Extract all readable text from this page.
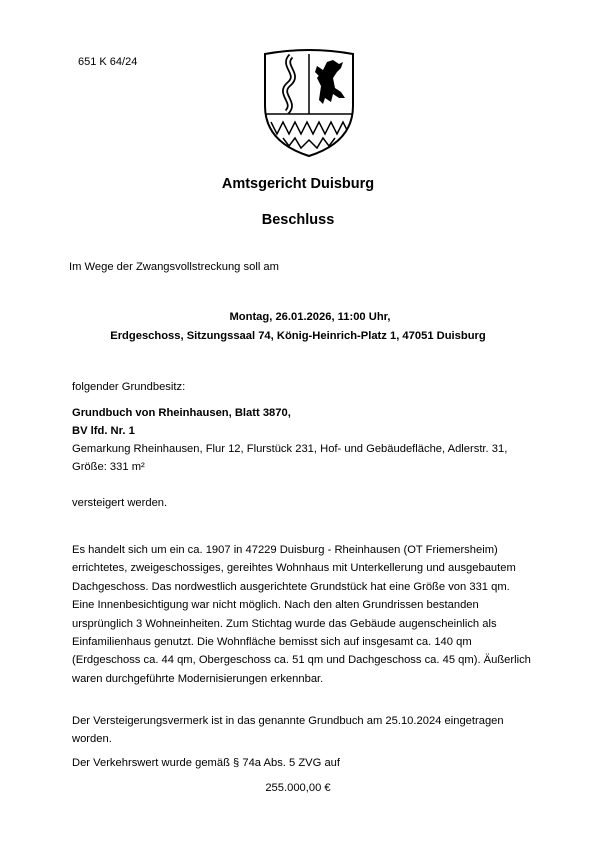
651 K 64/24
Amtsgericht Duisburg
Beschluss
Im Wege der Zwangsvollstreckung soll am
Montag, 26.01.2026, 11:00 Uhr,
Erdgeschoss, Sitzungssaal 74, König-Heinrich-Platz 1, 47051 Duisburg
folgender Grundbesitz:
Grundbuch von Rheinhausen, Blatt 3870,
BV lfd. Nr. 1
Gemarkung Rheinhausen, Flur 12, Flurstück 231, Hof- und Gebäudefläche, Adlerstr. 31, Größe: 331 m²
versteigert werden.
Es handelt sich um ein ca. 1907 in 47229 Duisburg - Rheinhausen (OT Friemersheim) errichtetes, zweigeschossiges, gereihtes Wohnhaus mit Unterkellerung und ausgebautem Dachgeschoss. Das nordwestlich ausgerichtete Grundstück hat eine Größe von 331 qm. Eine Innenbesichtigung war nicht möglich. Nach den alten Grundrissen bestanden ursprünglich 3 Wohneinheiten. Zum Stichtag wurde das Gebäude augenscheinlich als Einfamilienhaus genutzt. Die Wohnfläche bemisst sich auf insgesamt ca. 140 qm (Erdgeschoss ca. 44 qm, Obergeschoss ca. 51 qm und Dachgeschoss ca. 45 qm). Äußerlich waren durchgeführte Modernisierungen erkennbar.
Der Versteigerungsvermerk ist in das genannte Grundbuch am 25.10.2024 eingetragen worden.
Der Verkehrswert wurde gemäß § 74a Abs. 5 ZVG auf
255.000,00 €
